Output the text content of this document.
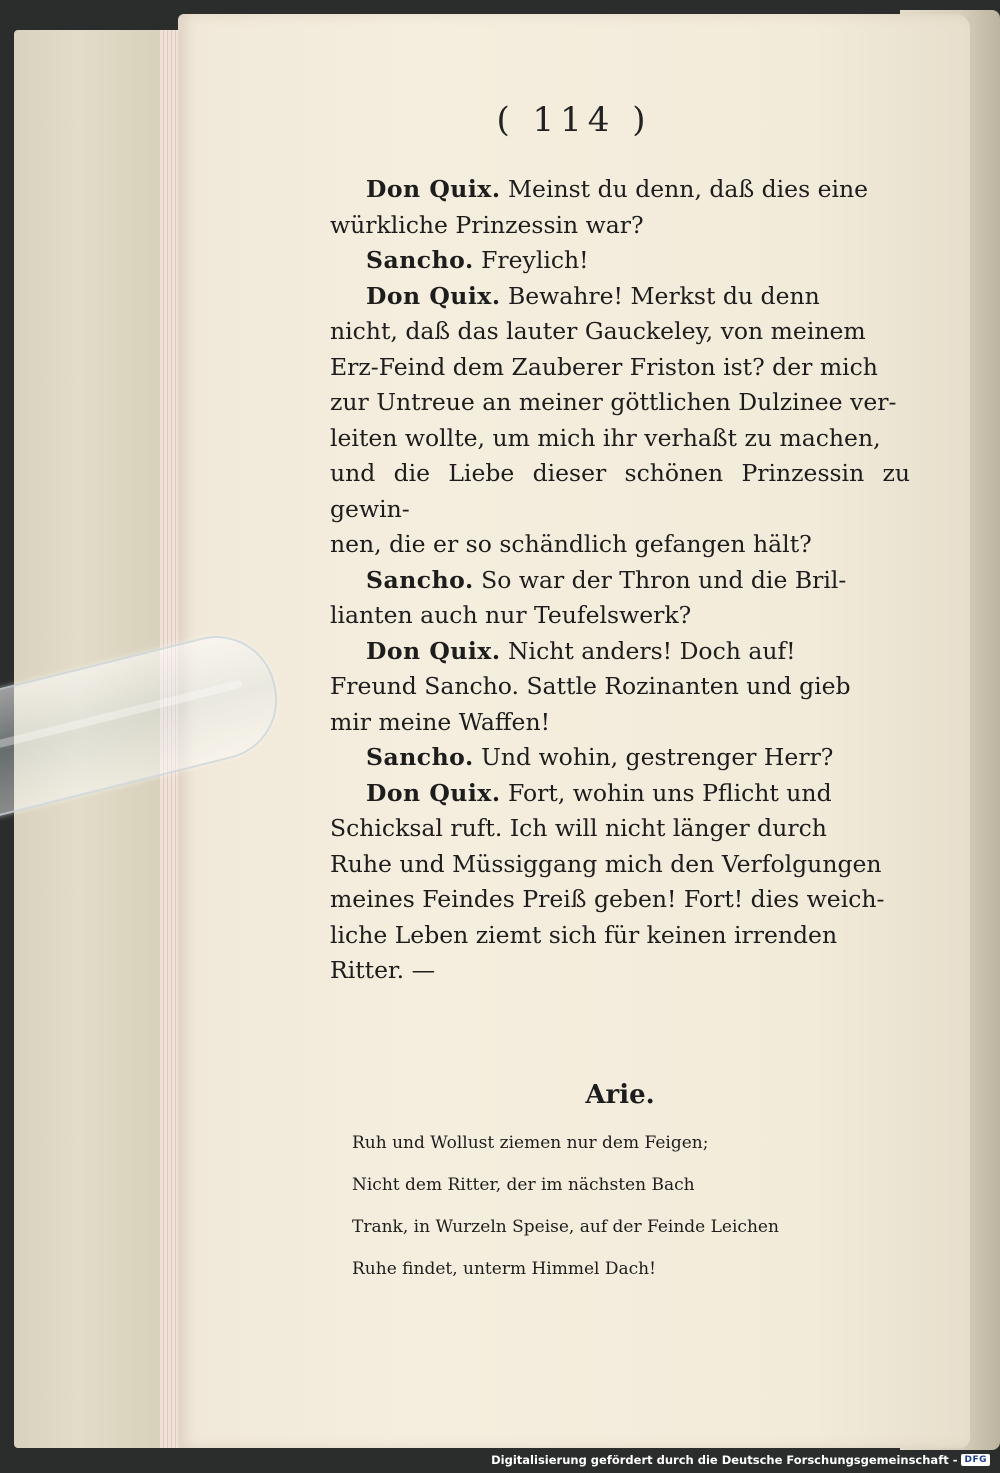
( 114 )
Don Quix. Meinst du denn, daß dies eine
würkliche Prinzessin war?
Sancho. Freylich!
Don Quix. Bewahre! Merkst du denn
nicht, daß das lauter Gauckeley, von meinem
Erz-Feind dem Zauberer Friston ist? der mich
zur Untreue an meiner göttlichen Dulzinee ver-
leiten wollte, um mich ihr verhaßt zu machen,
und die Liebe dieser schönen Prinzessin zu gewin-
nen, die er so schändlich gefangen hält?
Sancho. So war der Thron und die Bril-
lianten auch nur Teufelswerk?
Don Quix. Nicht anders! Doch auf!
Freund Sancho. Sattle Rozinanten und gieb
mir meine Waffen!
Sancho. Und wohin, gestrenger Herr?
Don Quix. Fort, wohin uns Pflicht und
Schicksal ruft. Ich will nicht länger durch
Ruhe und Müssiggang mich den Verfolgungen
meines Feindes Preiß geben! Fort! dies weich-
liche Leben ziemt sich für keinen irrenden
Ritter. —
Arie.
Ruh und Wollust ziemen nur dem Feigen;
Nicht dem Ritter, der im nächsten Bach
Trank, in Wurzeln Speise, auf der Feinde Leichen
Ruhe findet, unterm Himmel Dach!
Digitalisierung gefördert durch die Deutsche Forschungsgemeinschaft - DFG
